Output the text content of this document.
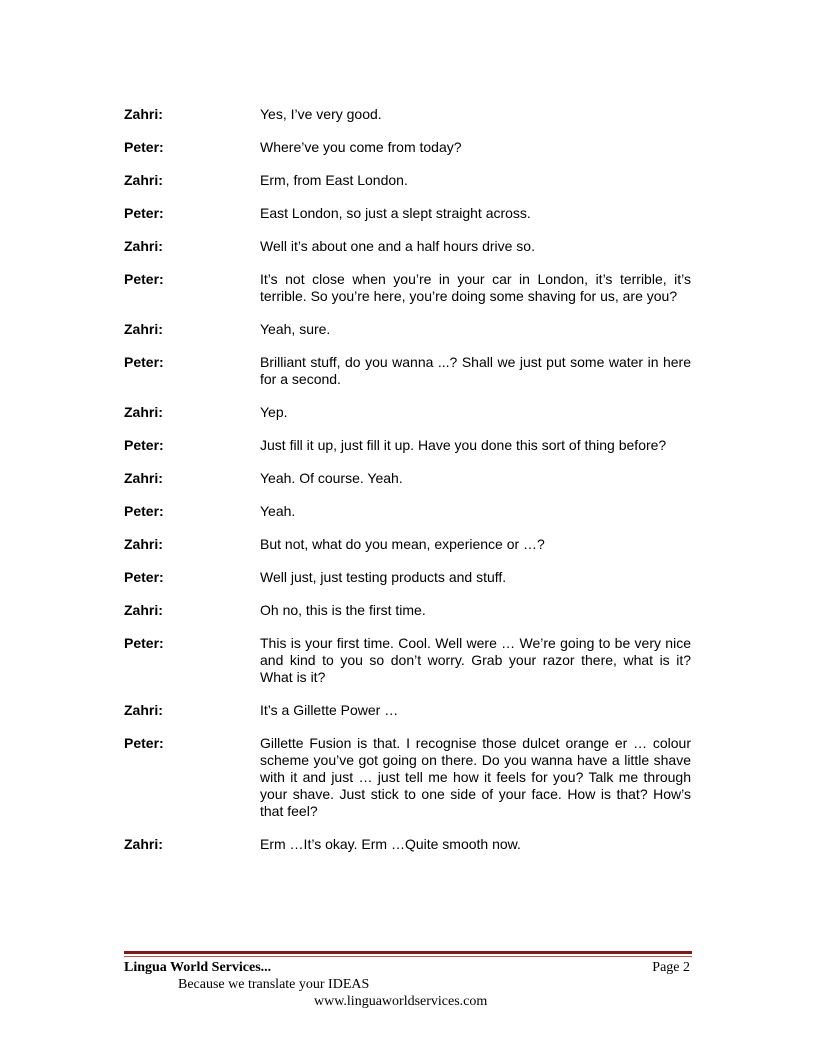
Zahri:	Yes, I’ve very good.
Peter:	Where’ve you come from today?
Zahri:	Erm, from East London.
Peter:	East London, so just a slept straight across.
Zahri:	Well it’s about one and a half hours drive so.
Peter:	It’s not close when you’re in your car in London, it’s terrible, it’s terrible. So you’re here, you’re doing some shaving for us, are you?
Zahri:	Yeah, sure.
Peter:	Brilliant stuff, do you wanna ...? Shall we just put some water in here for a second.
Zahri:	Yep.
Peter:	Just fill it up, just fill it up. Have you done this sort of thing before?
Zahri:	Yeah. Of course. Yeah.
Peter:	Yeah.
Zahri:	But not, what do you mean, experience or …?
Peter:	Well just, just testing products and stuff.
Zahri:	Oh no, this is the first time.
Peter:	This is your first time. Cool. Well were … We’re going to be very nice and kind to you so don’t worry. Grab your razor there, what is it? What is it?
Zahri:	It’s a Gillette Power …
Peter:	Gillette Fusion is that. I recognise those dulcet orange er … colour scheme you’ve got going on there. Do you wanna have a little shave with it and just … just tell me how it feels for you? Talk me through your shave. Just stick to one side of your face. How is that? How’s that feel?
Zahri:	Erm …It’s okay. Erm …Quite smooth now.
Lingua World Services...	Page 2
Because we translate your IDEAS
www.linguaworldservices.com
